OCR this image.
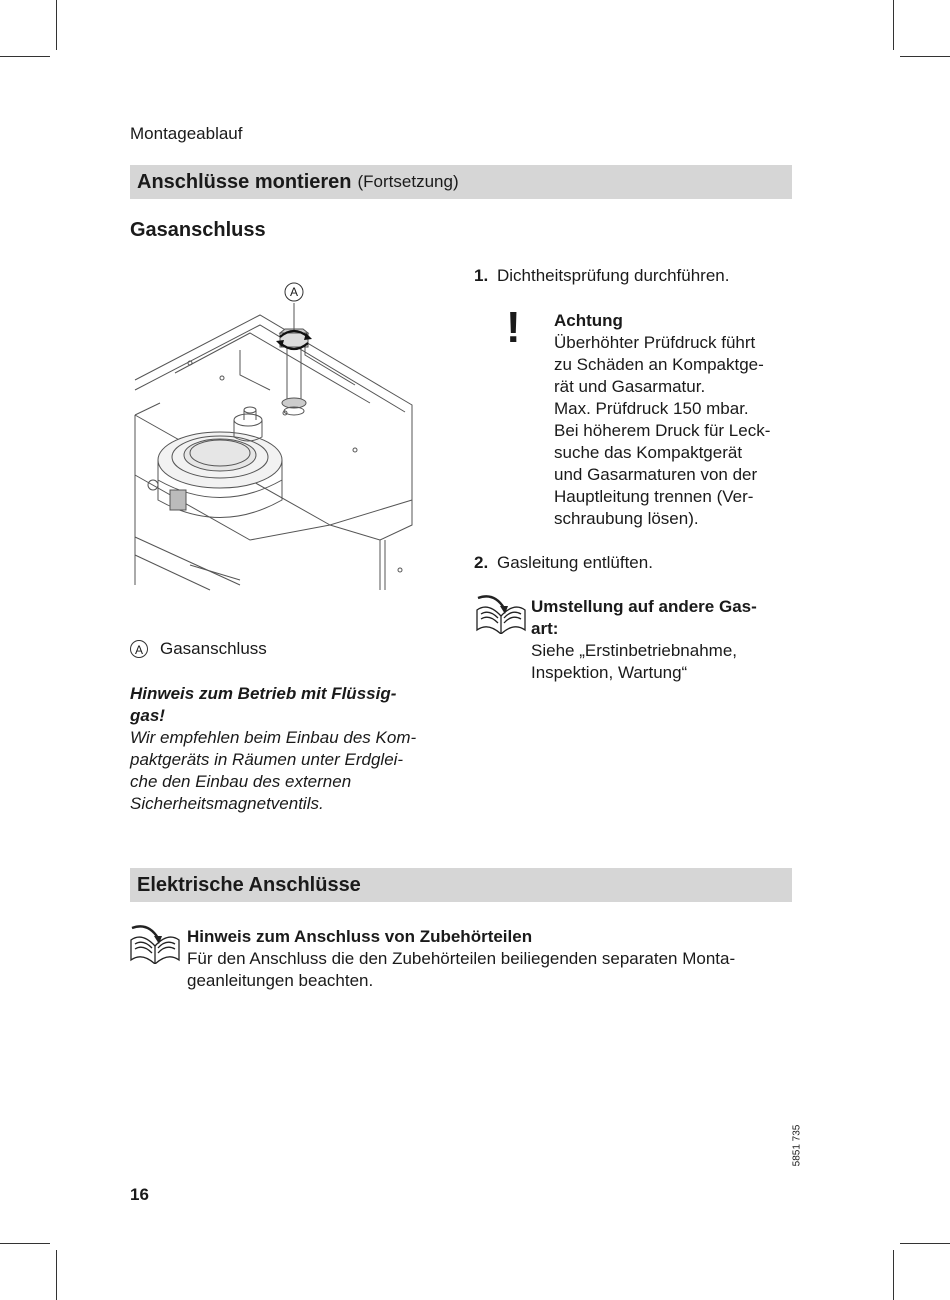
Montageablauf
Anschlüsse montieren (Fortsetzung)
Gasanschluss
A
A Gasanschluss
Hinweis zum Betrieb mit Flüssig-
gas!
Wir empfehlen beim Einbau des Kom-
paktgeräts in Räumen unter Erdglei-
che den Einbau des externen
Sicherheitsmagnetventils.
1. Dichtheitsprüfung durchführen.
! Achtung
Überhöhter Prüfdruck führt
zu Schäden an Kompaktge-
rät und Gasarmatur.
Max. Prüfdruck 150 mbar.
Bei höherem Druck für Leck-
suche das Kompaktgerät
und Gasarmaturen von der
Hauptleitung trennen (Ver-
schraubung lösen).
2. Gasleitung entlüften.
Umstellung auf andere Gas-
art:
Siehe „Erstinbetriebnahme,
Inspektion, Wartung“
Elektrische Anschlüsse
Hinweis zum Anschluss von Zubehörteilen
Für den Anschluss die den Zubehörteilen beiliegenden separaten Monta-
geanleitungen beachten.
5851 735
16
